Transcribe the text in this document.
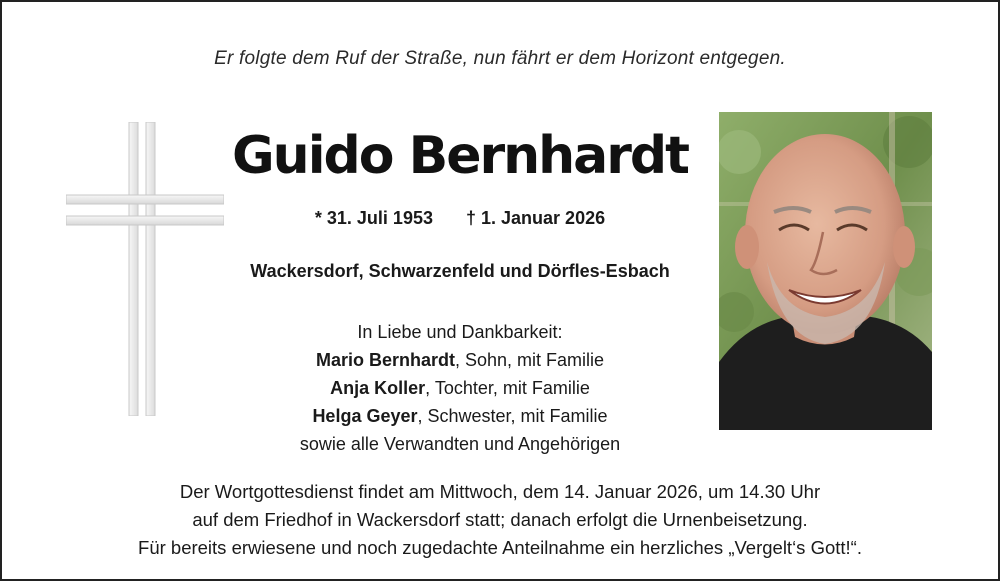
Er folgte dem Ruf der Straße, nun fährt er dem Horizont entgegen.
Guido Bernhardt
* 31. Juli 1953 † 1. Januar 2026
Wackersdorf, Schwarzenfeld und Dörfles-Esbach
In Liebe und Dankbarkeit:
Mario Bernhardt, Sohn, mit Familie
Anja Koller, Tochter, mit Familie
Helga Geyer, Schwester, mit Familie
sowie alle Verwandten und Angehörigen
Der Wortgottesdienst findet am Mittwoch, dem 14. Januar 2026, um 14.30 Uhr
auf dem Friedhof in Wackersdorf statt; danach erfolgt die Urnenbeisetzung.
Für bereits erwiesene und noch zugedachte Anteilnahme ein herzliches „Vergelt‘s Gott!“.
